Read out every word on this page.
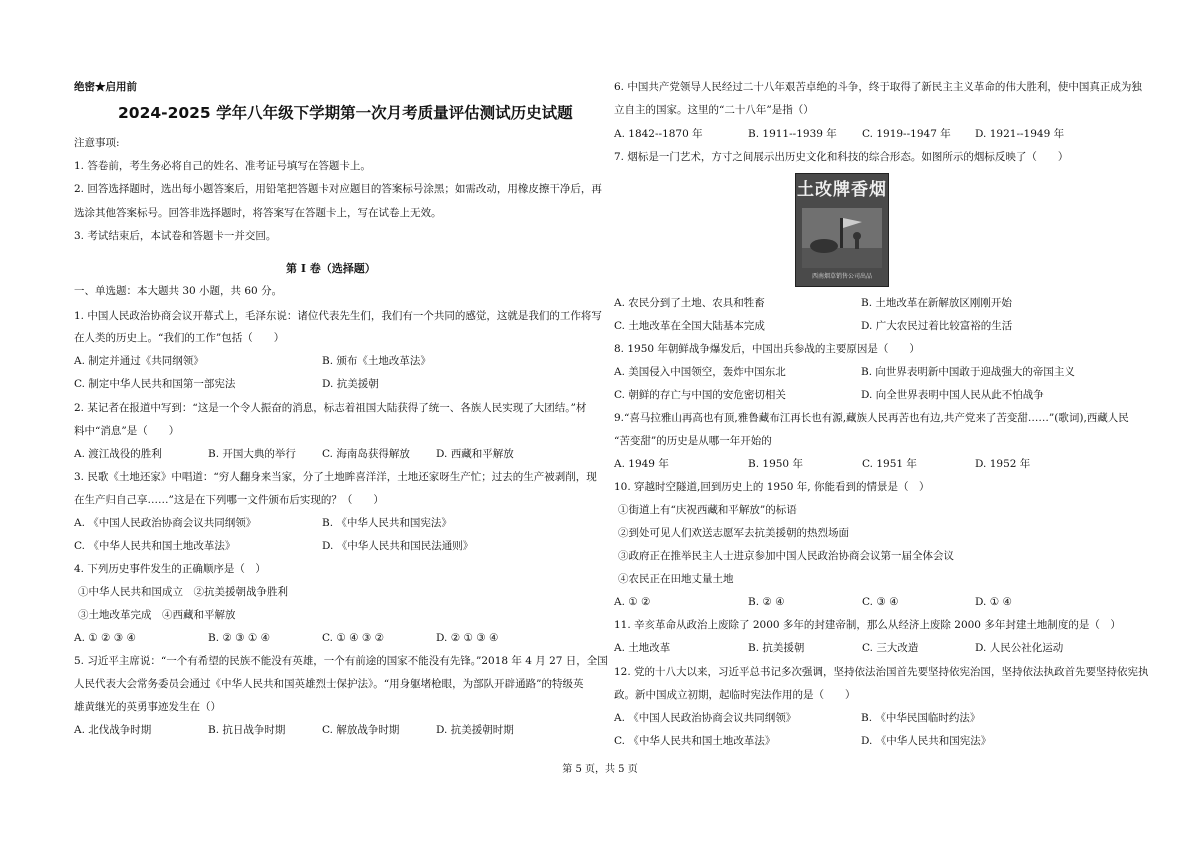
绝密★启用前
2024-2025 学年八年级下学期第一次月考质量评估测试历史试题
注意事项:
1. 答卷前，考生务必将自己的姓名、准考证号填写在答题卡上。
2. 回答选择题时，选出每小题答案后，用铅笔把答题卡对应题目的答案标号涂黑；如需改动，用橡皮擦干净后，再
选涂其他答案标号。回答非选择题时，将答案写在答题卡上，写在试卷上无效。
3. 考试结束后，本试卷和答题卡一并交回。
第 I 卷（选择题）
一、单选题：本大题共 30 小题，共 60 分。
1. 中国人民政治协商会议开幕式上，毛泽东说：诸位代表先生们，我们有一个共同的感觉，这就是我们的工作将写
在人类的历史上。“我们的工作”包括（　　）
A. 制定并通过《共同纲领》	B. 颁布《土地改革法》
C. 制定中华人民共和国第一部宪法	D. 抗美援朝
2. 某记者在报道中写到：“这是一个令人振奋的消息，标志着祖国大陆获得了统一、各族人民实现了大团结。”材
料中“消息”是（　　）
A. 渡江战役的胜利	B. 开国大典的举行 C. 海南岛获得解放 D. 西藏和平解放
3. 民歌《土地还家》中唱道：“穷人翻身来当家，分了土地眸喜洋洋，土地还家呀生产忙；过去的生产被剥削，现
在生产归自己享……”这是在下列哪一文件颁布后实现的？（　　）
A. 《中国人民政治协商会议共同纲领》	B. 《中华人民共和国宪法》
C. 《中华人民共和国土地改革法》	D. 《中华人民共和国民法通则》
4. 下列历史事件发生的正确顺序是（　）
①中华人民共和国成立　②抗美援朝战争胜利
③土地改革完成　④西藏和平解放
A. ① ② ③ ④	B. ② ③ ① ④	C. ① ④ ③ ②	D. ② ① ③ ④
5. 习近平主席说：“一个有希望的民族不能没有英雄，一个有前途的国家不能没有先锋。”2018 年 4 月 27 日，全国
人民代表大会常务委员会通过《中华人民共和国英雄烈士保护法》。“用身躯堵枪眼，为部队开辟通路”的特级英
雄黄继光的英勇事迹发生在（）
A. 北伐战争时期	B. 抗日战争时期	C. 解放战争时期	D. 抗美援朝时期
6. 中国共产党领导人民经过二十八年艰苦卓绝的斗争，终于取得了新民主主义革命的伟大胜利，使中国真正成为独
立自主的国家。这里的“二十八年”是指（）
A. 1842--1870 年	B. 1911--1939 年 C. 1919--1947 年 D. 1921--1949 年
7. 烟标是一门艺术，方寸之间展示出历史文化和科技的综合形态。如图所示的烟标反映了（　　）
土改牌香烟
西南烟草销售公司出品
A. 农民分到了土地、农具和牲畜	B. 土地改革在新解放区刚刚开始
C. 土地改革在全国大陆基本完成	D. 广大农民过着比较富裕的生活
8. 1950 年朝鲜战争爆发后，中国出兵参战的主要原因是（　　）
A. 美国侵入中国领空，轰炸中国东北	B. 向世界表明新中国敢于迎战强大的帝国主义
C. 朝鲜的存亡与中国的安危密切相关	D. 向全世界表明中国人民从此不怕战争
9.“喜马拉雅山再高也有顶,雅鲁藏布江再长也有源,藏族人民再苦也有边,共产党来了苦变甜……”(歌词),西藏人民
“苦变甜”的历史是从哪一年开始的
A. 1949 年	B. 1950 年	C. 1951 年	D. 1952 年
10. 穿越时空隧道,回到历史上的 1950 年, 你能看到的情景是（　）
①街道上有“庆祝西藏和平解放”的标语
②到处可见人们欢送志愿军去抗美援朝的热烈场面
③政府正在推举民主人士进京参加中国人民政治协商会议第一届全体会议
④农民正在田地丈量土地
A. ① ②	B. ② ④	C. ③ ④	D. ① ④
11. 辛亥革命从政治上废除了 2000 多年的封建帝制，那么从经济上废除 2000 多年封建土地制度的是（　）
A. 土地改革	B. 抗美援朝	C. 三大改造	D. 人民公社化运动
12. 党的十八大以来，习近平总书记多次强调，坚持依法治国首先要坚持依宪治国，坚持依法执政首先要坚持依宪执
政。新中国成立初期，起临时宪法作用的是（　　）
A. 《中国人民政治协商会议共同纲领》	B. 《中华民国临时约法》
C. 《中华人民共和国土地改革法》	D. 《中华人民共和国宪法》
第 5 页，共 5 页
